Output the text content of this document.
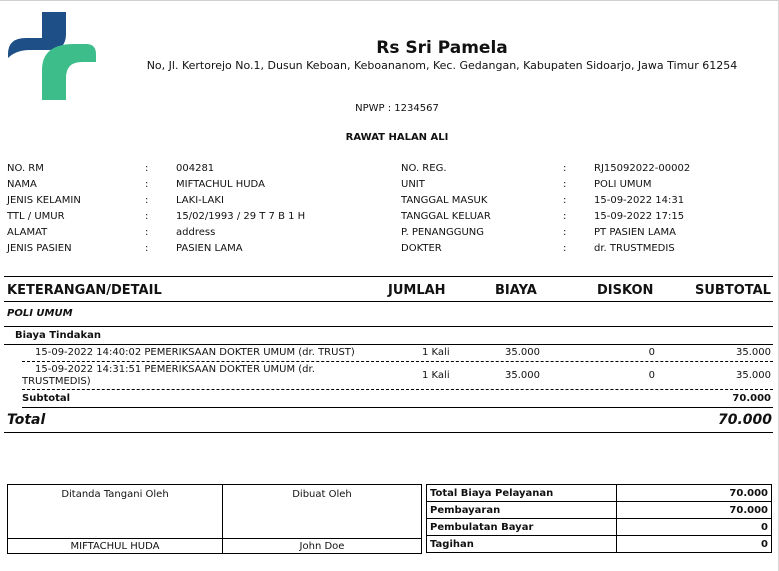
Rs Sri Pamela
No, Jl. Kertorejo No.1, Dusun Keboan, Keboananom, Kec. Gedangan, Kabupaten Sidoarjo, Jawa Timur 61254
NPWP : 1234567
RAWAT HALAN ALI
NO. RM	:	004281
NAMA	:	MIFTACHUL HUDA
JENIS KELAMIN	:	LAKI-LAKI
TTL / UMUR	:	15/02/1993 / 29 T 7 B 1 H
ALAMAT	:	address
JENIS PASIEN	:	PASIEN LAMA
NO. REG.	:	RJ15092022-00002
UNIT	:	POLI UMUM
TANGGAL MASUK	:	15-09-2022 14:31
TANGGAL KELUAR	:	15-09-2022 17:15
P. PENANGGUNG	:	PT PASIEN LAMA
DOKTER	:	dr. TRUSTMEDIS
KETERANGAN/DETAIL	JUMLAH	BIAYA	DISKON	SUBTOTAL
POLI UMUM
Biaya Tindakan
15-09-2022 14:40:02 PEMERIKSAAN DOKTER UMUM (dr. TRUST)	1 Kali	35.000	0	35.000
15-09-2022 14:31:51 PEMERIKSAAN DOKTER UMUM (dr.
TRUSTMEDIS)
1 Kali	35.000	0	35.000
Subtotal	70.000
Total	70.000
Ditanda Tangani Oleh	Dibuat Oleh
MIFTACHUL HUDA	John Doe
Total Biaya Pelayanan	70.000
Pembayaran	70.000
Pembulatan Bayar	0
Tagihan	0
